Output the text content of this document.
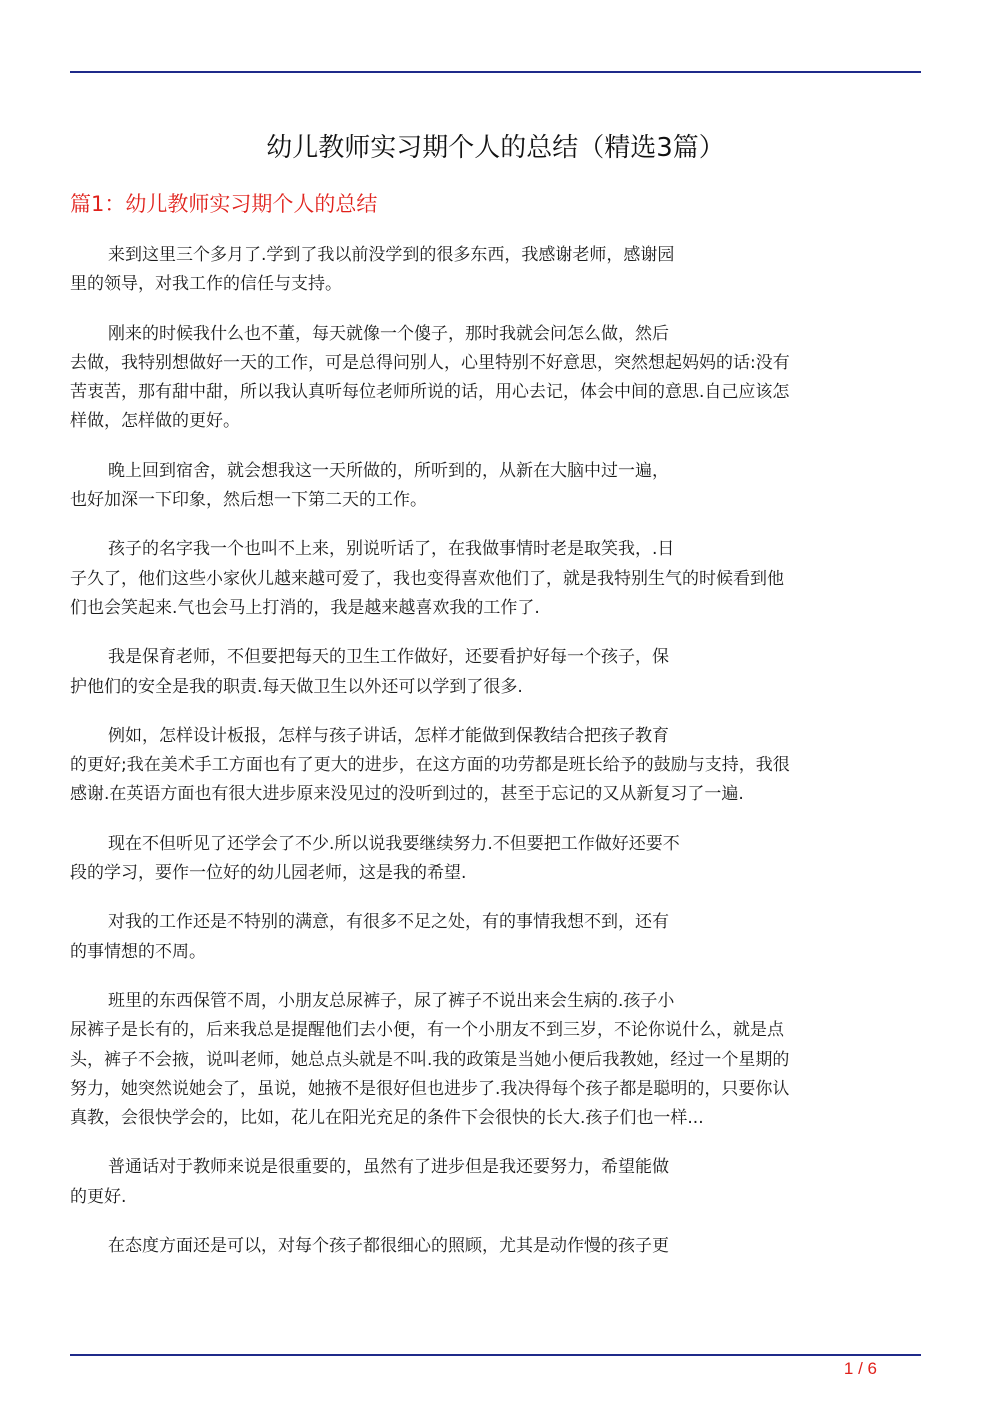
幼儿教师实习期个人的总结（精选3篇）
篇1：幼儿教师实习期个人的总结

来到这里三个多月了.学到了我以前没学到的很多东西，我感谢老师，感谢园
里的领导，对我工作的信任与支持。

刚来的时候我什么也不董，每天就像一个傻子，那时我就会问怎么做，然后
去做，我特别想做好一天的工作，可是总得问别人，心里特别不好意思，突然想起妈妈的话:没有
苦衷苦，那有甜中甜，所以我认真听每位老师所说的话，用心去记，体会中间的意思.自己应该怎
样做，怎样做的更好。

晚上回到宿舍，就会想我这一天所做的，所听到的，从新在大脑中过一遍，
也好加深一下印象，然后想一下第二天的工作。

孩子的名字我一个也叫不上来，别说听话了，在我做事情时老是取笑我，.日
子久了，他们这些小家伙儿越来越可爱了，我也变得喜欢他们了，就是我特别生气的时候看到他
们也会笑起来.气也会马上打消的，我是越来越喜欢我的工作了.

我是保育老师，不但要把每天的卫生工作做好，还要看护好每一个孩子，保
护他们的安全是我的职责.每天做卫生以外还可以学到了很多.

例如，怎样设计板报，怎样与孩子讲话，怎样才能做到保教结合把孩子教育
的更好;我在美术手工方面也有了更大的进步，在这方面的功劳都是班长给予的鼓励与支持，我很
感谢.在英语方面也有很大进步原来没见过的没听到过的，甚至于忘记的又从新复习了一遍.

现在不但听见了还学会了不少.所以说我要继续努力.不但要把工作做好还要不
段的学习，要作一位好的幼儿园老师，这是我的希望.

对我的工作还是不特别的满意，有很多不足之处，有的事情我想不到，还有
的事情想的不周。

班里的东西保管不周，小朋友总尿裤子，尿了裤子不说出来会生病的.孩子小
尿裤子是长有的，后来我总是提醒他们去小便，有一个小朋友不到三岁，不论你说什么，就是点
头，裤子不会掖，说叫老师，她总点头就是不叫.我的政策是当她小便后我教她，经过一个星期的
努力，她突然说她会了，虽说，她掖不是很好但也进步了.我决得每个孩子都是聪明的，只要你认
真教，会很快学会的，比如，花儿在阳光充足的条件下会很快的长大.孩子们也一样...

普通话对于教师来说是很重要的，虽然有了进步但是我还要努力，希望能做
的更好.

在态度方面还是可以，对每个孩子都很细心的照顾，尤其是动作慢的孩子更

1 / 6
